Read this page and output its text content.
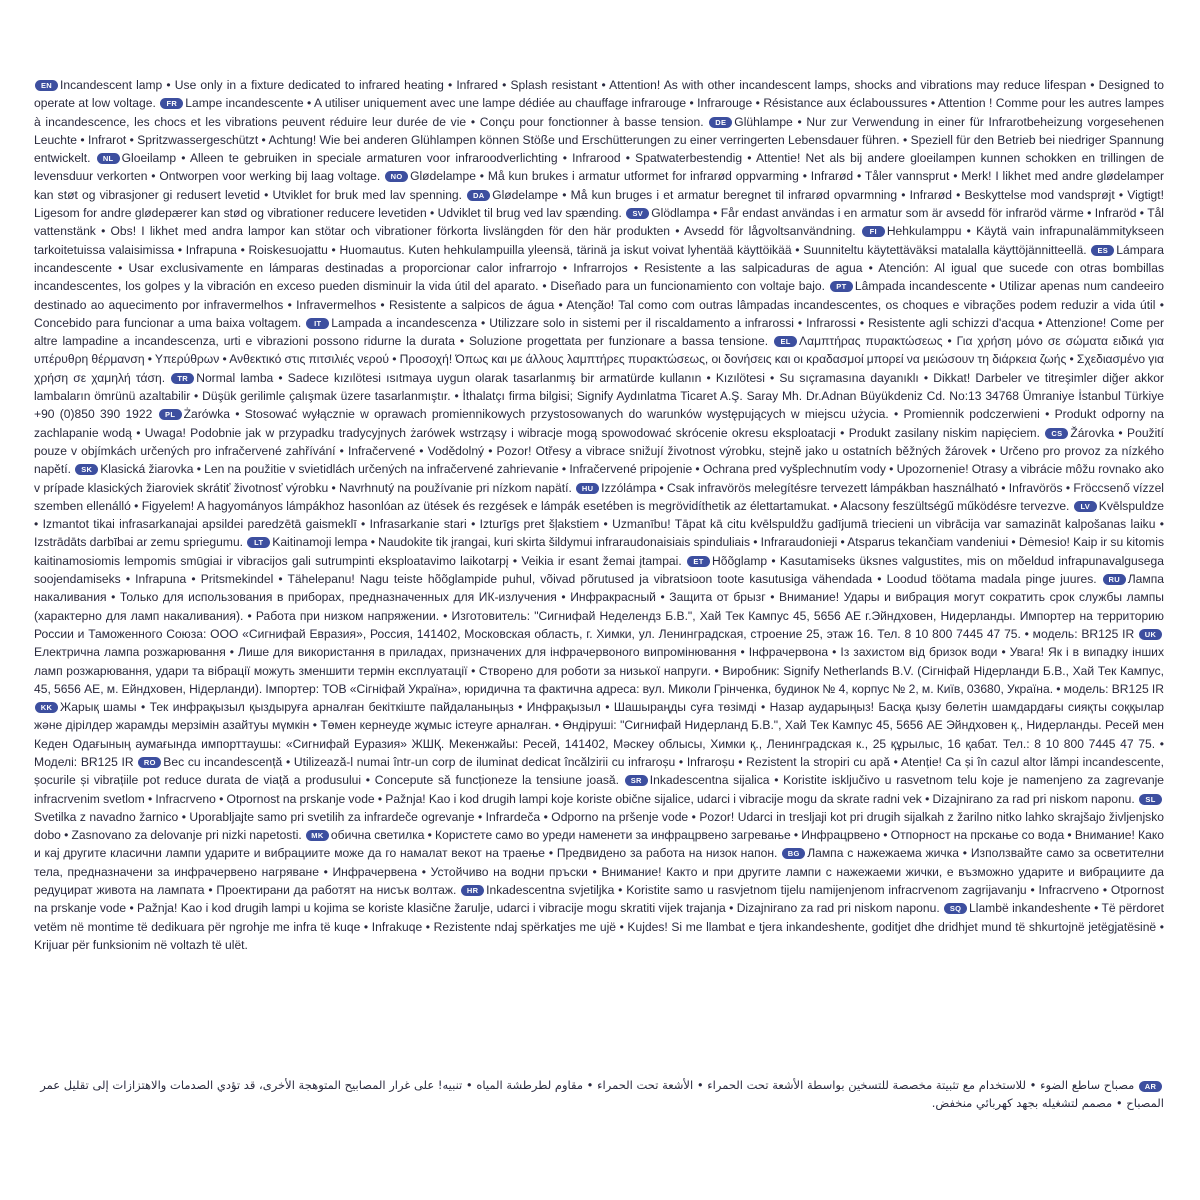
EN Incandescent lamp • Use only in a fixture dedicated to infrared heating • Infrared • Splash resistant • Attention! As with other incandescent lamps, shocks and vibrations may reduce lifespan • Designed to operate at low voltage. FR Lampe incandescente • A utiliser uniquement avec une lampe dédiée au chauffage infrarouge • Infrarouge • Résistance aux éclaboussures • Attention ! Comme pour les autres lampes à incandescence, les chocs et les vibrations peuvent réduire leur durée de vie • Conçu pour fonctionner à basse tension. DE Glühlampe • Nur zur Verwendung in einer für Infrarotbeheizung vorgesehenen Leuchte • Infrarot • Spritzwassergeschützt • Achtung! Wie bei anderen Glühlampen können Stöße und Erschütterungen zu einer verringerten Lebensdauer führen. • Speziell für den Betrieb bei niedriger Spannung entwickelt. NL Gloeilamp • Alleen te gebruiken in speciale armaturen voor infraroodverlichting • Infrarood • Spatwaterbestendig • Attentie! Net als bij andere gloeilampen kunnen schokken en trillingen de levensduur verkorten • Ontworpen voor werking bij laag voltage. NO Glødelampe • Må kun brukes i armatur utformet for infrarød oppvarming • Infrarød • Tåler vannsprut • Merk! I likhet med andre glødelamper kan støt og vibrasjoner gi redusert levetid • Utviklet for bruk med lav spenning. DA Glødelampe • Må kun bruges i et armatur beregnet til infrarød opvarmning • Infrarød • Beskyttelse mod vandsprøjt • Vigtigt! Ligesom for andre glødepærer kan stød og vibrationer reducere levetiden • Udviklet til brug ved lav spænding. SV Glödlampa • Får endast användas i en armatur som är avsedd för infraröd värme • Infraröd • Tål vattenstänk • Obs! I likhet med andra lampor kan stötar och vibrationer förkorta livslängden för den här produkten • Avsedd för lågvoltsanvändning. FI Hehkulamppu • Käytä vain infrapunalämmitykseen tarkoitetuissa valaisimissa • Infrapuna • Roiskesuojattu • Huomautus. Kuten hehkulampuilla yleensä, tärinä ja iskut voivat lyhentää käyttöikää • Suunniteltu käytettäväksi matalalla käyttöjännitteellä. ES Lámpara incandescente • Usar exclusivamente en lámparas destinadas a proporcionar calor infrarrojo • Infrarrojos • Resistente a las salpicaduras de agua • Atención: Al igual que sucede con otras bombillas incandescentes, los golpes y la vibración en exceso pueden disminuir la vida útil del aparato. • Diseñado para un funcionamiento con voltaje bajo. PT Lâmpada incandescente • Utilizar apenas num candeeiro destinado ao aquecimento por infravermelhos • Infravermelhos • Resistente a salpicos de água • Atenção! Tal como com outras lâmpadas incandescentes, os choques e vibrações podem reduzir a vida útil • Concebido para funcionar a uma baixa voltagem. IT Lampada a incandescenza • Utilizzare solo in sistemi per il riscaldamento a infrarossi • Infrarossi • Resistente agli schizzi d'acqua • Attenzione! Come per altre lampadine a incandescenza, urti e vibrazioni possono ridurne la durata • Soluzione progettata per funzionare a bassa tensione. EL Λαμπτήρας πυρακτώσεως • Για χρήση μόνο σε σώματα ειδικά για υπέρυθρη θέρμανση • Υπερύθρων • Ανθεκτικό στις πιτσιλιές νερού • Προσοχή! Όπως και με άλλους λαμπτήρες πυρακτώσεως, οι δονήσεις και οι κραδασμοί μπορεί να μειώσουν τη διάρκεια ζωής • Σχεδιασμένο για χρήση σε χαμηλή τάση. TR Normal lamba • Sadece kızılötesi ısıtmaya uygun olarak tasarlanmış bir armatürde kullanın • Kızılötesi • Su sıçramasına dayanıklı • Dikkat! Darbeler ve titreşimler diğer akkor lambaların ömrünü azaltabilir • Düşük gerilimle çalışmak üzere tasarlanmıştır. • İthalatçı firma bilgisi; Signify Aydınlatma Ticaret A.Ş. Saray Mh. Dr.Adnan Büyükdeniz Cd. No:13 34768 Ümraniye İstanbul Türkiye +90 (0)850 390 1922 PL Żarówka • Stosować wyłącznie w oprawach promiennikowych przystosowanych do warunków występujących w miejscu użycia. • Promiennik podczerwieni • Produkt odporny na zachlapanie wodą • Uwaga! Podobnie jak w przypadku tradycyjnych żarówek wstrząsy i wibracje mogą spowodować skrócenie okresu eksploatacji • Produkt zasilany niskim napięciem. CS Žárovka • Použití pouze v objímkách určených pro infračervené zahřívání • Infračervené • Vodědolný • Pozor! Otřesy a vibrace snižují životnost výrobku, stejně jako u ostatních běžných žárovek • Určeno pro provoz za nízkého napětí. SK Klasická žiarovka • Len na použitie v svietidlách určených na infračervené zahrievanie • Infračervené pripojenie • Ochrana pred vyšplechnutím vody • Upozornenie! Otrasy a vibrácie môžu rovnako ako v prípade klasických žiaroviek skrátiť životnosť výrobku • Navrhnutý na používanie pri nízkom napätí. HU Izzólámpa • Csak infravörös melegítésre tervezett lámpákban használható • Infravörös • Fröccsenő vízzel szemben ellenálló • Figyelem! A hagyományos lámpákhoz hasonlóan az ütések és rezgések e lámpák esetében is megrövidíthetik az élettartamukat. • Alacsony feszültségű működésre tervezve. LV Kvēlspuldze • Izmantot tikai infrasarkanajai apsildei paredzētā gaismeklī • Infrasarkanie stari • Izturīgs pret šļakstiem • Uzmanību! Tāpat kā citu kvēlspuldžu gadījumā triecieni un vibrācija var samazināt kalpošanas laiku • Izstrādāts darbībai ar zemu spriegumu. LT Kaitinamoji lempa • Naudokite tik įrangai, kuri skirta šildymui infraraudonaisiais spinduliais • Infraraudonieji • Atsparus tekančiam vandeniui • Dėmesio! Kaip ir su kitomis kaitinamosiomis lempomis smūgiai ir vibracijos gali sutrumpinti eksploatavimo laikotarpį • Veikia ir esant žemai įtampai. ET Hõõglamp • Kasutamiseks üksnes valgustites, mis on mõeldud infrapunavalgusega soojendamiseks • Infrapuna • Pritsmekindel • Tähelepanu! Nagu teiste hõõglampide puhul, võivad põrutused ja vibratsioon toote kasutusiga vähendada • Loodud töötama madala pinge juures. RU Лампа накаливания • Только для использования в приборах, предназначенных для ИК-излучения • Инфракрасный • Защита от брызг • Внимание! Удары и вибрация могут сократить срок службы лампы (характерно для ламп накаливания). • Работа при низком напряжении. • Изготовитель: "Сигнифай Неделендз Б.В.", Хай Тек Кампус 45, 5656 AE г.Эйндховен, Нидерланды. Импортер на территорию России и Таможенного Союза: ООО «Сигнифай Евразия», Россия, 141402, Московская область, г. Химки, ул. Ленинградская, строение 25, этаж 16. Тел. 8 10 800 7445 47 75. • модель: BR125 IR UKЕлектрична лампа розжарювання • Лише для використання в приладах, призначених для інфрачервоного випромінювання • Інфрачервона • Із захистом від бризок води • Увага! Як і в випадку інших ламп розжарювання, удари та вібрації можуть зменшити термін експлуатації • Створено для роботи за низької напруги. • Виробник: Signify Netherlands B.V. (Сігніфай Нідерланди Б.В., Хай Тек Кампус, 45, 5656 AE, м. Ейндховен, Нідерланди). Імпортер: ТОВ «Сігніфай Україна», юридична та фактична адреса: вул. Миколи Грінченка, будинок № 4, корпус № 2, м. Київ, 03680, Україна. • модель: BR125 IR KK Жарық шамы • Тек инфрақызыл қыздыруға арналған бекіткіште пайдаланыңыз • Инфрақызыл • Шашыраңды суға төзімді • Назар аударыңыз! Басқа қызу бөлетін шамдардағы сияқты соққылар және дірілдер жарамды мерзімін азайтуы мүмкін • Төмен кернеуде жұмыс істеуге арналған. • Өндіруші: "Сигнифай Нидерланд Б.В.", Хай Тек Кампус 45, 5656 AE Эйндховен қ., Нидерланды. Ресей мен Кеден Одағының аумағында импорттаушы: «Сигнифай Еуразия» ЖШҚ. Мекенжайы: Ресей, 141402, Мәскеу облысы, Химки қ., Ленинградская к., 25 құрылыс, 16 қабат. Тел.: 8 10 800 7445 47 75. • Моделі: BR125 IR RO Bec cu incandescență • Utilizează-l numai într-un corp de iluminat dedicat încălzirii cu infraroșu • Infraroșu • Rezistent la stropiri cu apă • Atenție! Ca și în cazul altor lămpi incandescente, șocurile și vibrațiile pot reduce durata de viață a produsului • Concepute să funcționeze la tensiune joasă. SR Inkadescentna sijalica • Koristite isključivo u rasvetnom telu koje je namenjeno za zagrevanje infracrvenim svetlom • Infracrveno • Otpornost na prskanje vode • Pažnja! Kao i kod drugih lampi koje koriste obične sijalice, udarci i vibracije mogu da skrate radni vek • Dizajnirano za rad pri niskom naponu. SLSvetilka z navadno žarnico • Uporabljajte samo pri svetilih za infrardeče ogrevanje • Infrardeča • Odporno na pršenje vode • Pozor! Udarci in tresljaji kot pri drugih sijalkah z žarilno nitko lahko skrajšajo življenjsko dobo • Zasnovano za delovanje pri nizki napetosti. MK обична светилка • Користете само во уреди наменети за инфрацрвено загревање • Инфрацрвено • Отпорност на прскање со вода • Внимание! Како и кај другите класични лампи ударите и вибрациите може да го намалат векот на траење • Предвидено за работа на низок напон. BG Лампа с нажежаема жичка • Използвайте само за осветителни тела, предназначени за инфрачервено нагряване • Инфрачервена • Устойчиво на водни пръски • Внимание! Както и при другите лампи с нажежаеми жички, е възможно ударите и вибрациите да редуцират живота на лампата • Проектирани да работят на нисък волтаж. HR Inkadescentna svjetiljka • Koristite samo u rasvjetnom tijelu namijenjenom infracrvenom zagrijavanju • Infracrveno • Otpornost na prskanje vode • Pažnja! Kao i kod drugih lampi u kojima se koriste klasične žarulje, udarci i vibracije mogu skratiti vijek trajanja • Dizajnirano za rad pri niskom naponu. SQ Llambë inkandeshente • Të përdoret vetëm në montime të dedikuara për ngrohje me infra të kuqe • Infrakuqe • Rezistente ndaj spërkatjes me ujë • Kujdes! Si me llambat e tjera inkandeshente, goditjet dhe dridhjet mund të shkurtojnë jetëgjatësinë • Krijuar për funksionim në voltazh të ulët.
AR مصباح ساطع الضوء • للاستخدام مع تثبيتة مخصصة للتسخين بواسطة الأشعة تحت الحمراء • الأشعة تحت الحمراء • مقاوم لطرطشة المياه • تنبيه! على غرار المصابيح المتوهجة الأخرى، قد تؤدي الصدمات والاهتزازات إلى تقليل عمر المصباح • مصمم لتشغيله بجهد كهربائي منخفض.
